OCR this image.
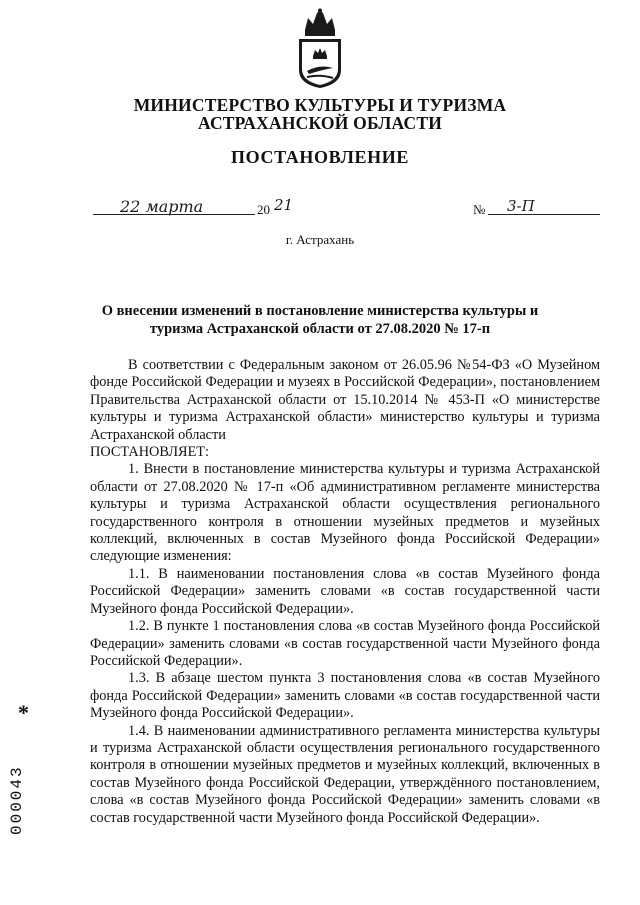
МИНИСТЕРСТВО КУЛЬТУРЫ И ТУРИЗМА
АСТРАХАНСКОЙ ОБЛАСТИ
ПОСТАНОВЛЕНИЕ
22 марта	20 21	№ 3-П
г. Астрахань
О внесении изменений в постановление министерства культуры и
туризма Астраханской области от 27.08.2020 № 17-п

В соответствии с Федеральным законом от 26.05.96 №54-ФЗ «О Музейном фонде Российской Федерации и музеях в Российской Федерации», постановлением Правительства Астраханской области от 15.10.2014 № 453-П «О министерстве культуры и туризма Астраханской области» министерство культуры и туризма Астраханской области

ПОСТАНОВЛЯЕТ:

1. Внести в постановление министерства культуры и туризма Астраханской области от 27.08.2020 № 17-п «Об административном регламенте министерства культуры и туризма Астраханской области осуществления регионального государственного контроля в отношении музейных предметов и музейных коллекций, включенных в состав Музейного фонда Российской Федерации» следующие изменения:

1.1. В наименовании постановления слова «в состав Музейного фонда Российской Федерации» заменить словами «в состав государственной части Музейного фонда Российской Федерации».

1.2. В пункте 1 постановления слова «в состав Музейного фонда Российской Федерации» заменить словами «в состав государственной части Музейного фонда Российской Федерации».

1.3. В абзаце шестом пункта 3 постановления слова «в состав Музейного фонда Российской Федерации» заменить словами «в состав государственной части Музейного фонда Российской Федерации».

1.4. В наименовании административного регламента министерства культуры и туризма Астраханской области осуществления регионального государственного контроля в отношении музейных предметов и музейных коллекций, включенных в состав Музейного фонда Российской Федерации, утверждённого постановлением, слова «в состав Музейного фонда Российской Федерации» заменить словами «в состав государственной части Музейного фонда Российской Федерации».

*
000043
